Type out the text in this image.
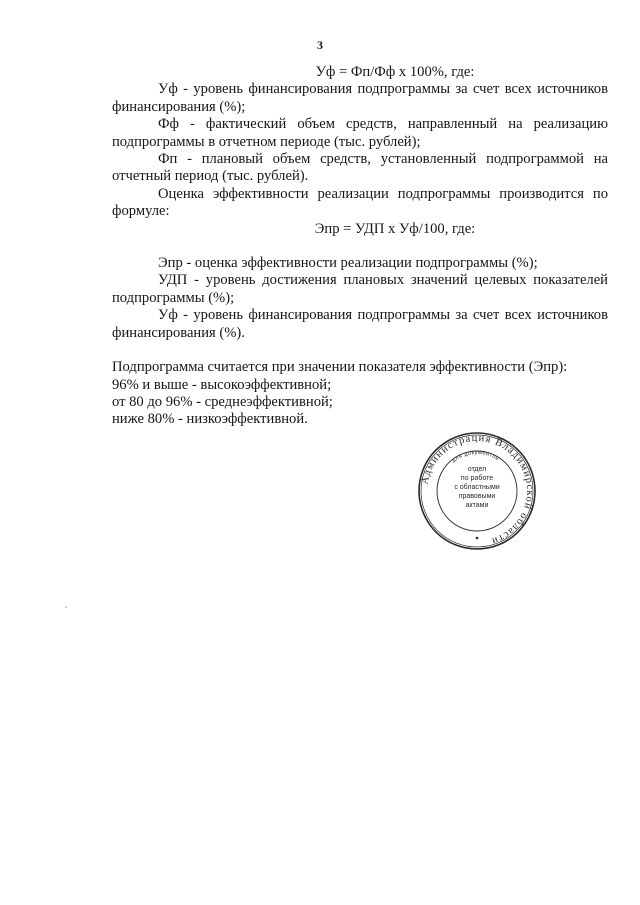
3

Уф = Фп/Фф х 100%, где:

Уф - уровень финансирования подпрограммы за счет всех источников финансирования (%);

Фф - фактический объем средств, направленный на реализацию подпрограммы в отчетном периоде (тыс. рублей);

Фп - плановый объем средств, установленный подпрограммой на отчетный период (тыс. рублей).

Оценка эффективности реализации подпрограммы производится по формуле:

Эпр = УДП х Уф/100, где:

Эпр - оценка эффективности реализации подпрограммы (%);

УДП - уровень достижения плановых значений целевых показателей подпрограммы (%);

Уф - уровень финансирования подпрограммы за счет всех источников финансирования (%).

Подпрограмма считается при значении показателя эффективности (Эпр):

96% и выше - высокоэффективной;

от 80 до 96% - среднеэффективной;

ниже 80% - низкоэффективной.

Администрация Владимирской области
для документов
отдел
по работе
с областными
правовыми
актами
